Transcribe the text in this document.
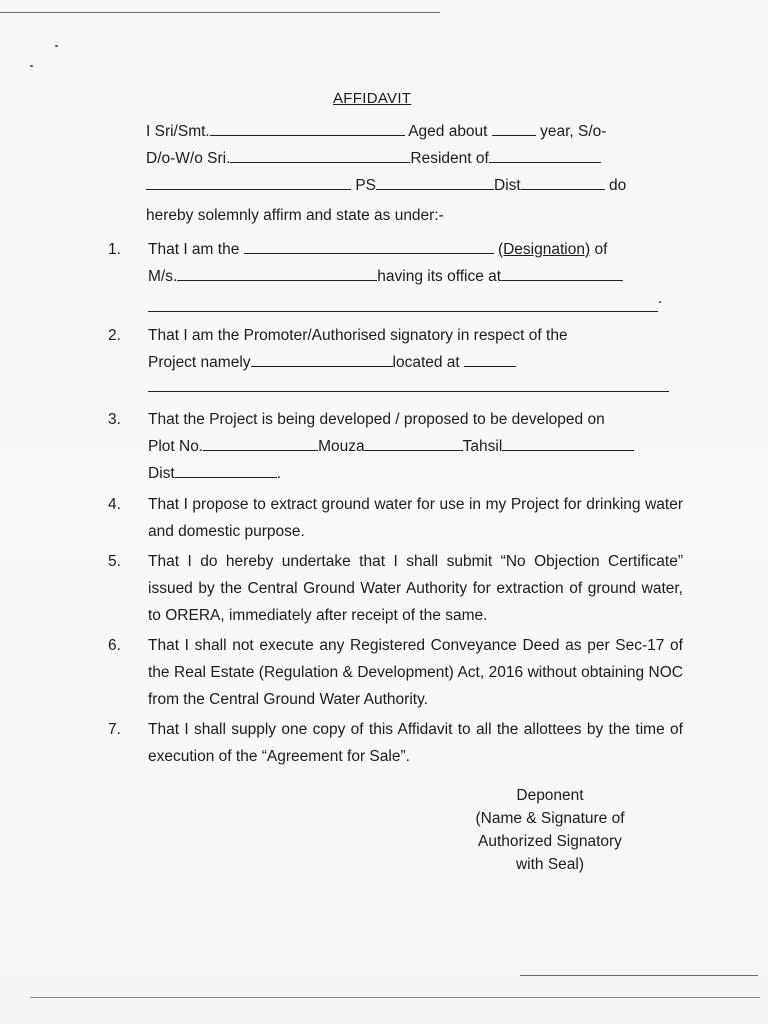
AFFIDAVIT
I Sri/Smt.	Aged about	year, S/o-
D/o-W/o Sri.	Resident of
PS	Dist	do
hereby solemnly affirm and state as under:-
1.	That I am the	(Designation) of
M/s.	having its office at
.
2.	That I am the Promoter/Authorised signatory in respect of the
Project namely	located at
3.	That the Project is being developed / proposed to be developed on
Plot No.	Mouza	Tahsil
Dist	.
4.	That I propose to extract ground water for use in my Project for drinking water and domestic purpose.
5.	That I do hereby undertake that I shall submit “No Objection Certificate” issued by the Central Ground Water Authority for extraction of ground water, to ORERA, immediately after receipt of the same.
6.	That I shall not execute any Registered Conveyance Deed as per Sec-17 of the Real Estate (Regulation & Development) Act, 2016 without obtaining NOC from the Central Ground Water Authority.
7.	That I shall supply one copy of this Affidavit to all the allottees by the time of execution of the “Agreement for Sale”.
Deponent
(Name & Signature of
Authorized Signatory
with Seal)
